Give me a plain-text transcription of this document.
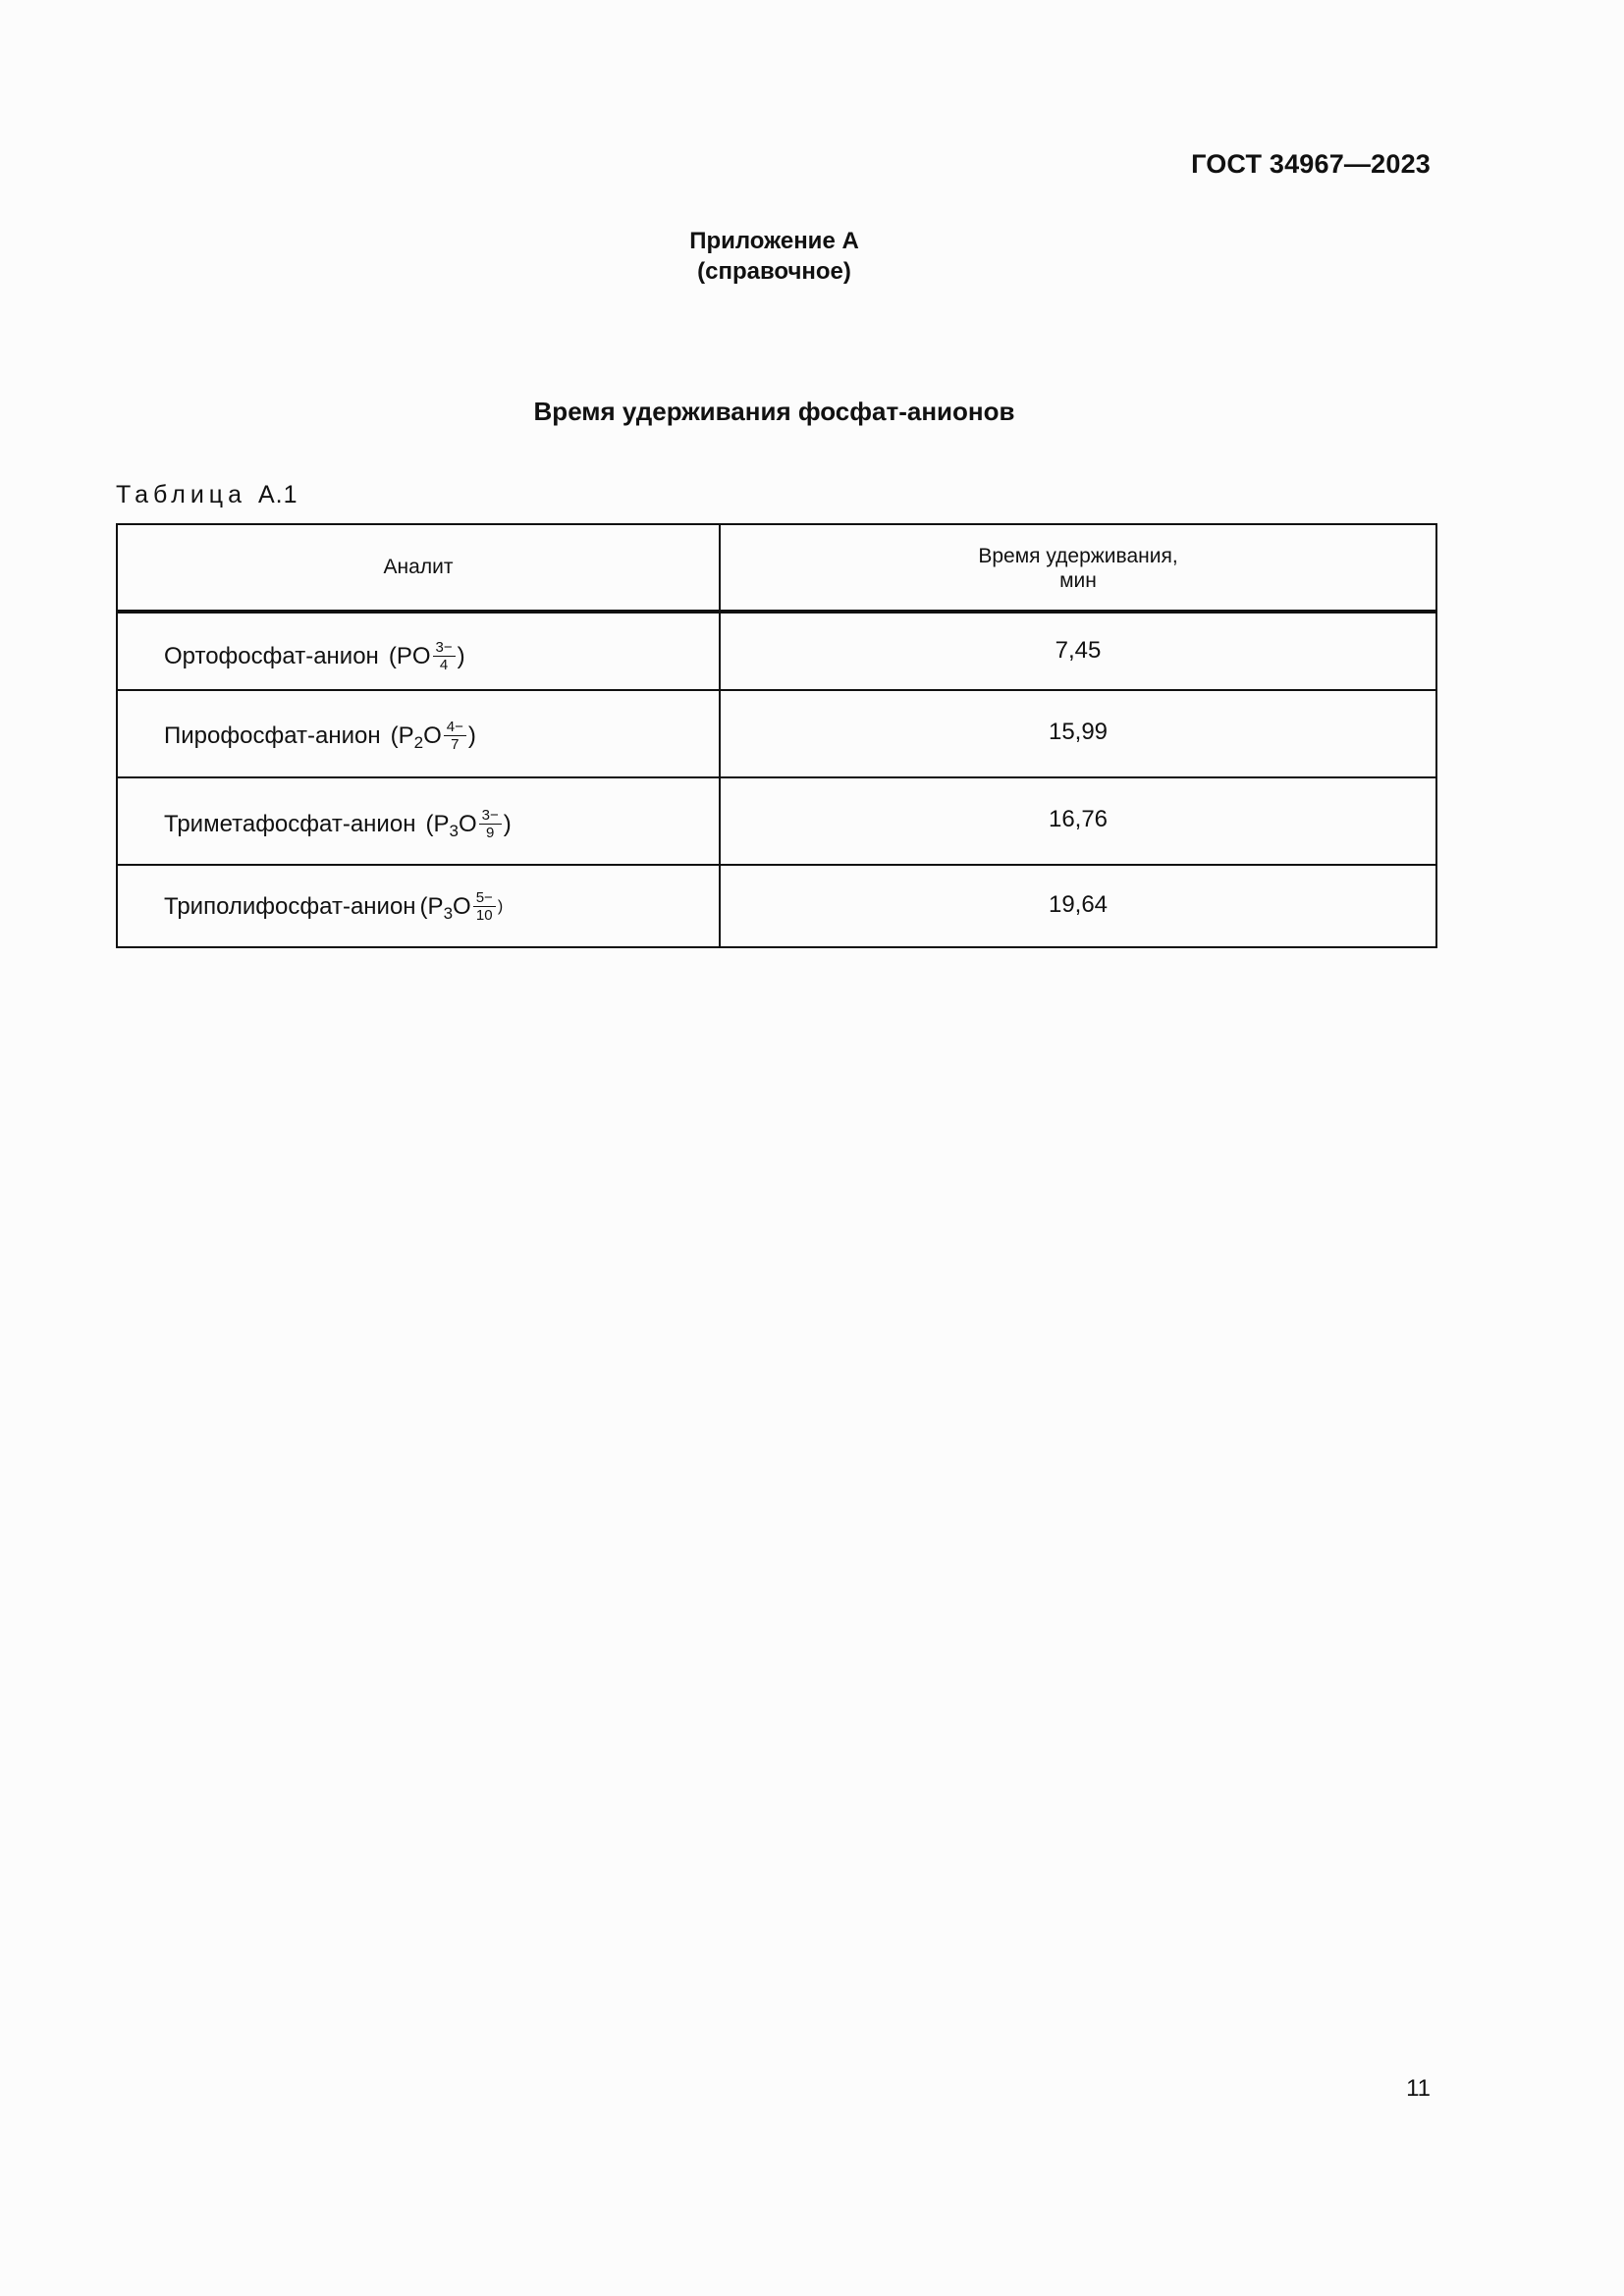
ГОСТ 34967—2023
Приложение А
(справочное)
Время удерживания фосфат-анионов
Таблица А.1
Аналит	Время удерживания,
мин
Ортофосфат-анион ( PO $\frac{3-}{4}$ )	7,45
Пирофосфат-анион ( P 2 O $\frac{4-}{7}$ )	15,99
Триметафосфат-анион ( P 3 O $\frac{3-}{9}$ )	16,76
Триполифосфат-анион ( P 3 O $\frac{5-}{10}$ )	19,64
11
